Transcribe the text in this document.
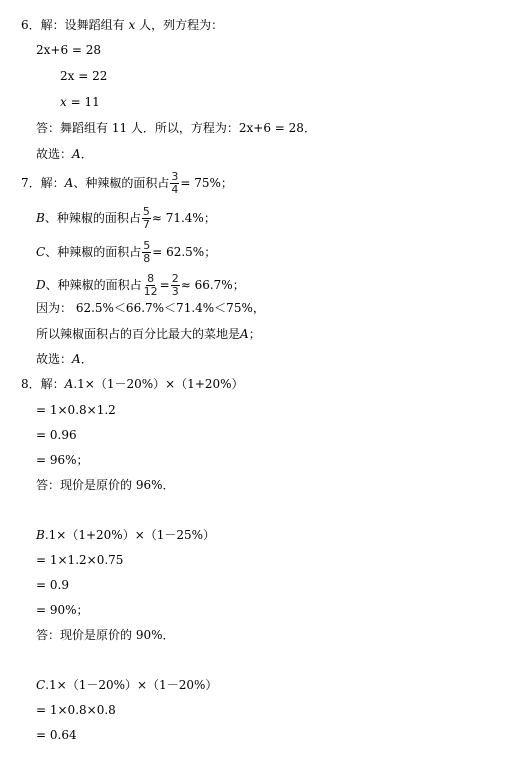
6．解：设舞蹈组有 x 人，列方程为：
2x+6 = 28
2x = 22
x = 11
答：舞蹈组有 11 人．所以，方程为：2x+6 = 28．
故选：A．
7．解：A、种辣椒的面积占 $\frac{3}{4} = 75\%$；
B、种辣椒的面积占 $\frac{5}{7} \approx 71.4\%$；
C、种辣椒的面积占 $\frac{5}{8} = 62.5\%$；
D、种辣椒的面积占 $\frac{8}{12} = \frac{2}{3} \approx 66.7\%$；
因为： 62.5%＜66.7%＜71.4%＜75%，
所以辣椒面积占的百分比最大的菜地是A；
故选：A．
8．解：A.1×（1－20%）×（1+20%）
= 1×0.8×1.2
= 0.96
= 96%；
答：现价是原价的 96%．
B.1×（1+20%）×（1－25%）
= 1×1.2×0.75
= 0.9
= 90%；
答：现价是原价的 90%．
C.1×（1－20%）×（1－20%）
= 1×0.8×0.8
= 0.64
